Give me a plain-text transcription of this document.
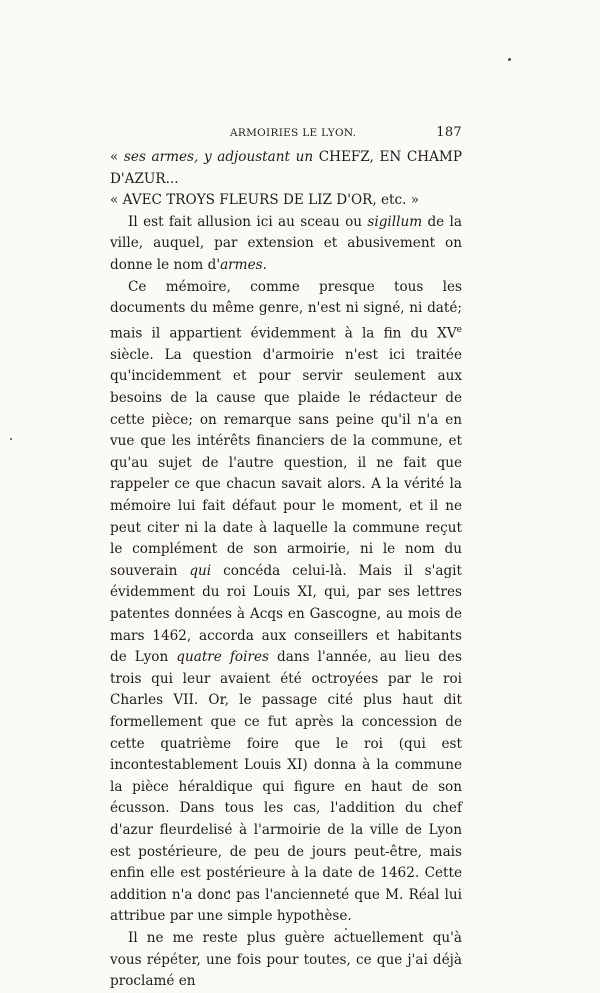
ARMOIRIES LE LYON.	187

« ses armes, y adjoustant un CHEFZ, EN CHAMP D'AZUR...
« AVEC TROYS FLEURS DE LIZ D'OR, etc. »

Il est fait allusion ici au sceau ou sigillum de la ville, auquel, par extension et abusivement on donne le nom d'armes.

Ce mémoire, comme presque tous les documents du même genre, n'est ni signé, ni daté; mais il appartient évidemment à la fin du XVe siècle. La question d'armoirie n'est ici traitée qu'incidemment et pour servir seulement aux besoins de la cause que plaide le rédacteur de cette pièce; on remarque sans peine qu'il n'a en vue que les intérêts financiers de la commune, et qu'au sujet de l'autre question, il ne fait que rappeler ce que chacun savait alors. A la vérité la mémoire lui fait défaut pour le moment, et il ne peut citer ni la date à laquelle la commune reçut le complément de son armoirie, ni le nom du souverain qui concéda celui-là. Mais il s'agit évidemment du roi Louis XI, qui, par ses lettres patentes données à Acqs en Gascogne, au mois de mars 1462, accorda aux conseillers et habitants de Lyon quatre foires dans l'année, au lieu des trois qui leur avaient été octroyées par le roi Charles VII. Or, le passage cité plus haut dit formellement que ce fut après la concession de cette quatrième foire que le roi (qui est incontestablement Louis XI) donna à la commune la pièce héraldique qui figure en haut de son écusson. Dans tous les cas, l'addition du chef d'azur fleurdelisé à l'armoirie de la ville de Lyon est postérieure, de peu de jours peut-être, mais enfin elle est postérieure à la date de 1462. Cette addition n'a donc pas l'ancienneté que M. Réal lui attribue par une simple hypothèse.

Il ne me reste plus guère actuellement qu'à vous répéter, une fois pour toutes, ce que j'ai déjà proclamé en
